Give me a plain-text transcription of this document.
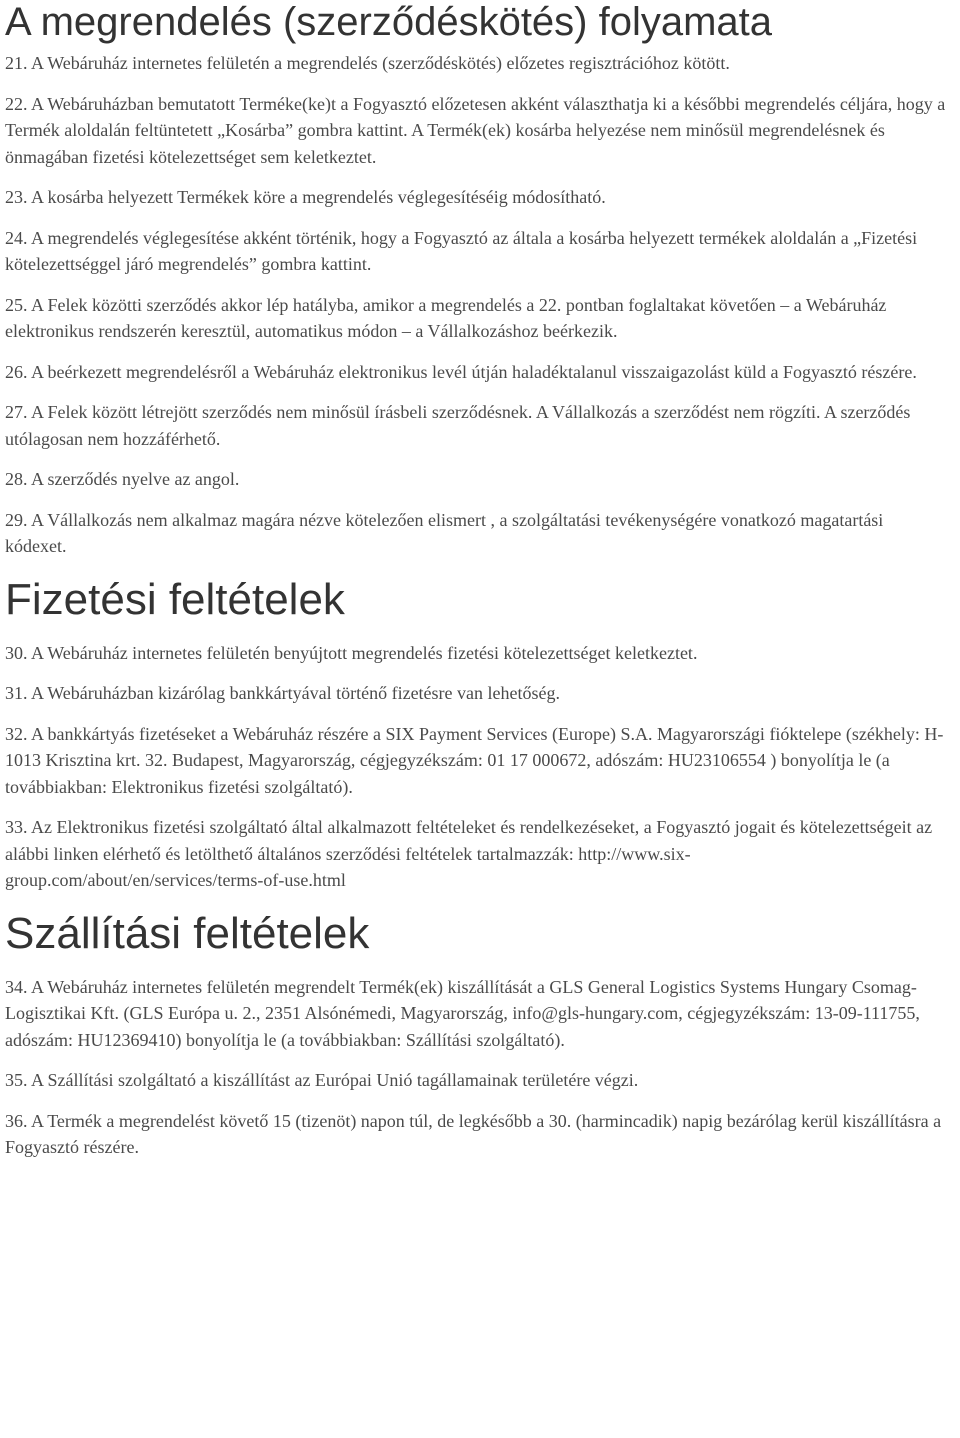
A megrendelés (szerződéskötés) folyamata

21. A Webáruház internetes felületén a megrendelés (szerződéskötés) előzetes regisztrációhoz kötött.

22. A Webáruházban bemutatott Terméke(ke)t a Fogyasztó előzetesen akként választhatja ki a későbbi megrendelés céljára, hogy a Termék aloldalán feltüntetett „Kosárba” gombra kattint. A Termék(ek) kosárba helyezése nem minősül megrendelésnek és önmagában fizetési kötelezettséget sem keletkeztet.

23. A kosárba helyezett Termékek köre a megrendelés véglegesítéséig módosítható.

24. A megrendelés véglegesítése akként történik, hogy a Fogyasztó az általa a kosárba helyezett termékek aloldalán a „Fizetési kötelezettséggel járó megrendelés” gombra kattint.

25. A Felek közötti szerződés akkor lép hatályba, amikor a megrendelés a 22. pontban foglaltakat követően – a Webáruház elektronikus rendszerén keresztül, automatikus módon – a Vállalkozáshoz beérkezik.

26. A beérkezett megrendelésről a Webáruház elektronikus levél útján haladéktalanul visszaigazolást küld a Fogyasztó részére.

27. A Felek között létrejött szerződés nem minősül írásbeli szerződésnek. A Vállalkozás a szerződést nem rögzíti. A szerződés utólagosan nem hozzáférhető.

28. A szerződés nyelve az angol.

29. A Vállalkozás nem alkalmaz magára nézve kötelezően elismert , a szolgáltatási tevékenységére vonatkozó magatartási kódexet.

Fizetési feltételek

30. A Webáruház internetes felületén benyújtott megrendelés fizetési kötelezettséget keletkeztet.

31. A Webáruházban kizárólag bankkártyával történő fizetésre van lehetőség.

32. A bankkártyás fizetéseket a Webáruház részére a SIX Payment Services (Europe) S.A. Magyarországi fióktelepe (székhely: H-1013 Krisztina krt. 32. Budapest, Magyarország, cégjegyzékszám: 01 17 000672, adószám: HU23106554 ) bonyolítja le (a továbbiakban: Elektronikus fizetési szolgáltató).

33. Az Elektronikus fizetési szolgáltató által alkalmazott feltételeket és rendelkezéseket, a Fogyasztó jogait és kötelezettségeit az alábbi linken elérhető és letölthető általános szerződési feltételek tartalmazzák: http://www.six-group.com/about/en/services/terms-of-use.html

Szállítási feltételek

34. A Webáruház internetes felületén megrendelt Termék(ek) kiszállítását a GLS General Logistics Systems Hungary Csomag-Logisztikai Kft. (GLS Európa u. 2., 2351 Alsónémedi, Magyarország, info@gls-hungary.com, cégjegyzékszám: 13-09-111755, adószám: HU12369410) bonyolítja le (a továbbiakban: Szállítási szolgáltató).

35. A Szállítási szolgáltató a kiszállítást az Európai Unió tagállamainak területére végzi.

36. A Termék a megrendelést követő 15 (tizenöt) napon túl, de legkésőbb a 30. (harmincadik) napig bezárólag kerül kiszállításra a Fogyasztó részére.
